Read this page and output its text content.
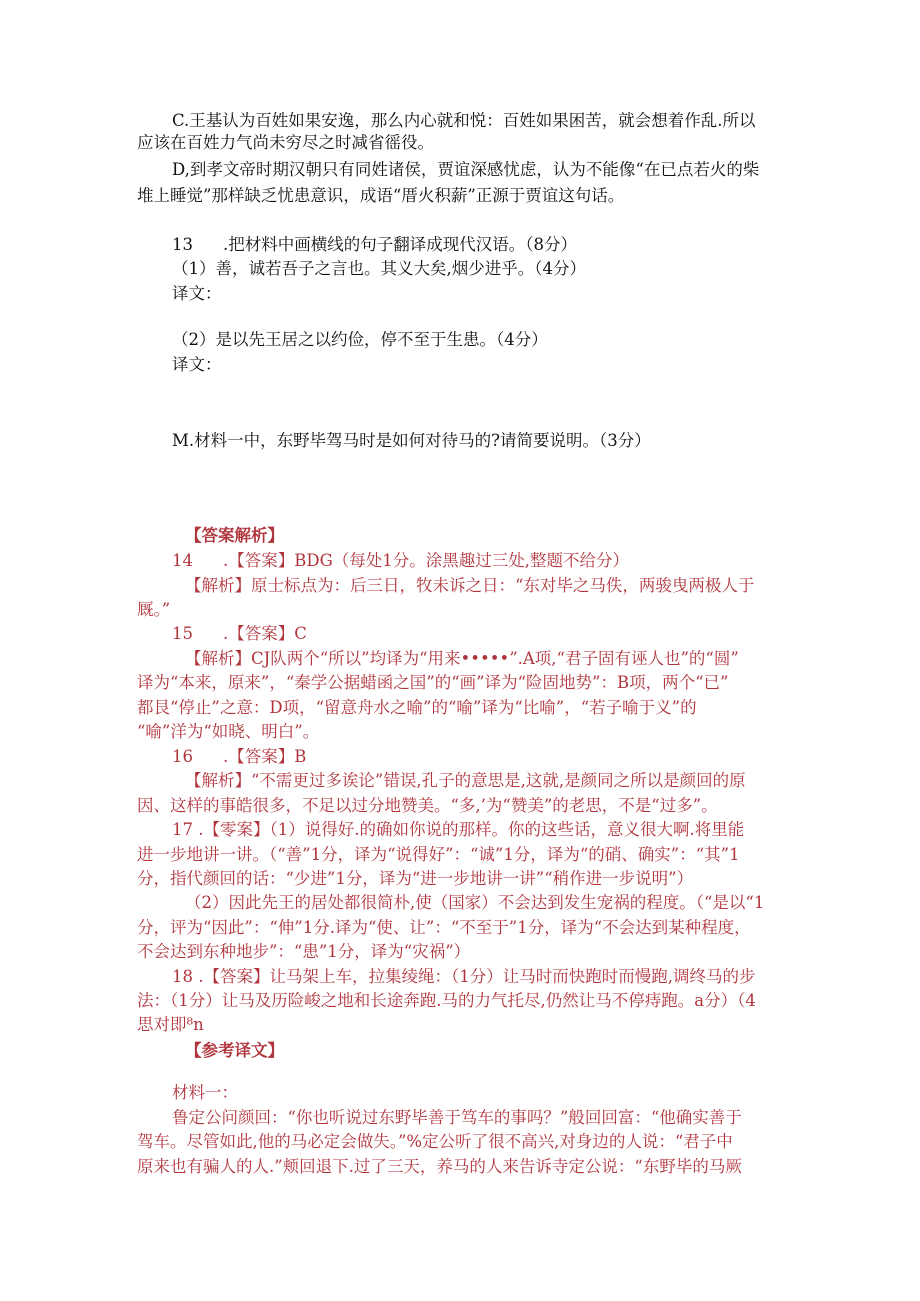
C.王基认为百姓如果安逸，那么内心就和悦：百姓如果困苦，就会想着作乱.所以
应该在百姓力气尚未穷尽之时减省徭役。
D,到孝文帝时期汉朝只有同姓诸侯，贾谊深感忧虑，认为不能像“在已点若火的柴
堆上睡觉”那样缺乏忧患意识，成语“厝火积薪”正源于贾谊这句话。
13 .把材料中画横线的句子翻译成现代汉语。（8分）
（1）善，诚若吾子之言也。其义大矣,烟少进乎。（4分）
译文：
（2）是以先王居之以约俭，停不至于生患。（4分）
译文：
M.材料一中，东野毕驾马时是如何对待马的?请简要说明。（3分）
【答案解析】
14 .【答案】BDG（每处1分。涂黑趣过三处,整题不给分）
【解析】原士标点为：后三日，牧未诉之日：“东对毕之马佚，两骏曳两极人于
厩。”
15 .【答案】C
【解析】CJ队两个“所以”均译为“用来•••••”.A项,“君子固有诬人也”的“圆”
译为“本来，原来”，“秦学公据蜡函之国”的“画”译为“险固地势”：B项，两个“已”
都艮“停止”之意：D项，“留意舟水之喻”的“喻”译为“比喻”，“若子喻于义”的
“喻”洋为“如晓、明白”。
16 .【答案】B
【解析】“不需更过多诶论”错误,孔子的意思是,这就,是颜同之所以是颜回的原
因、这样的事皓很多，不足以过分地赞美。“多,’为“赞美”的老思，不是“过多”。
17 .【零案】（1）说得好.的确如你说的那样。你的这些话，意义很大啊.将里能
进一步地讲一讲。（“善”1分，译为“说得好”：“诚”1分，译为“的硝、确实”：“其”1
分，指代颜回的话：“少进”1分，译为“进一步地讲一讲”“稍作进一步说明”）
（2）因此先王的居处都很简朴,使（国家）不会达到发生宠祸的程度。（“是以“1
分，评为“因此”：“伸”1分.译为“使、让”：“不至于”1分，译为“不会达到某种程度，
不会达到东种地步”：“患”1分，译为“灾祸”）
18 .【答案】让马架上车，拉集绫绳：（1分）让马时而快跑时而慢跑,调终马的步
法：（1分）让马及历险峻之地和长途奔跑.马的力气托尽,仍然让马不停痔跑。a分）（4
思对即⁸n
【参考译文】
材料一：
鲁定公问颜回：“你也听说过东野毕善于笃车的事吗？”般回回富：“他确实善于
驾车。尽管如此,他的马必定会做失。”%定公听了很不高兴,对身边的人说：“君子中
原来也有骗人的人.”颊回退下.过了三天，养马的人来告诉寺定公说：“东野毕的马厥
